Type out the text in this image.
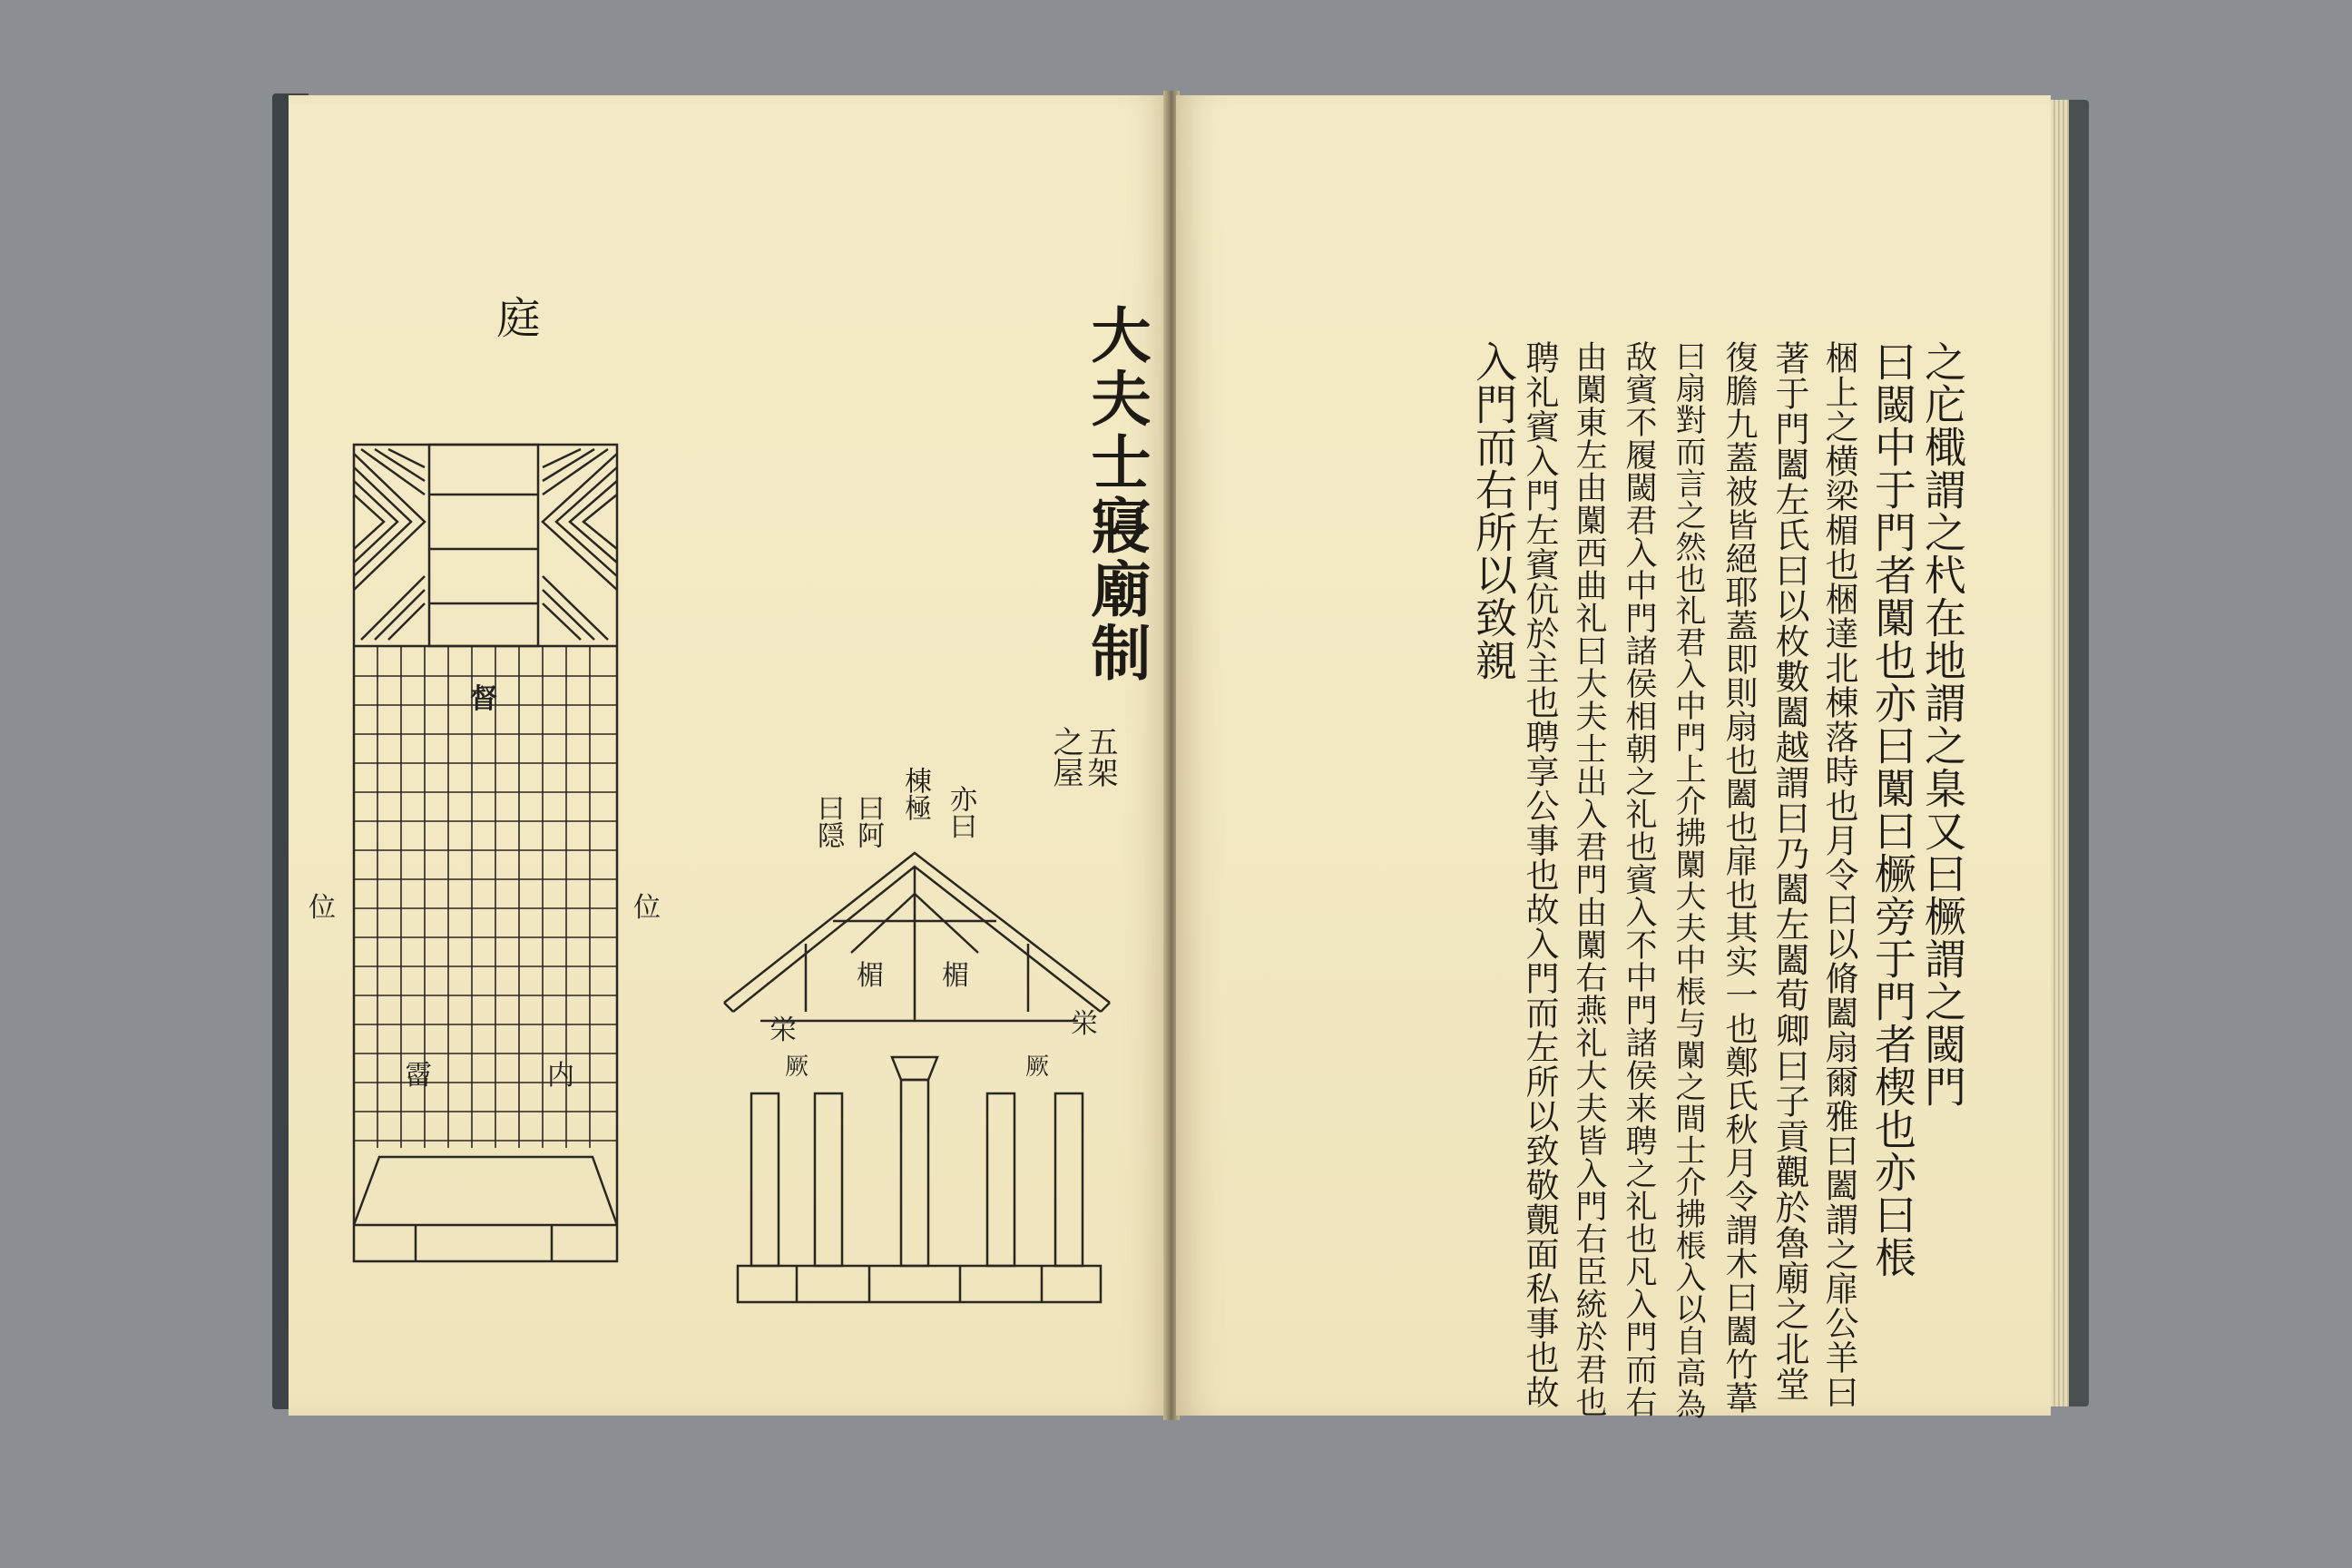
庭	大夫士寢廟制
五架
之屋
督
位	位
霤	内
棟極 亦曰
曰隠 曰阿
楣 楣
栄	栄
厥	厥	之庀檝謂之杙在地謂之臬又曰橛謂之閾門
曰閾中于門者闑也亦曰闑曰橛旁于門者楔也亦曰棖
梱上之横梁楣也梱達北棟落時也月令曰以脩闔扇爾雅曰闔謂之扉公羊曰
著于門闔左氏曰以枚數闔越謂曰乃闔左闔荀卿曰子貢觀於魯廟之北堂
復膽九蓋被皆絕耶蓋即則扇也闔也扉也其实一也鄭氏秋月令謂木曰闔竹葦
曰扇對而言之然也礼君入中門上介拂闑大夫中棖与闑之間士介拂棖入以自高為
敌賓不履閾君入中門諸侯相朝之礼也賓入不中門諸侯来聘之礼也凡入門而右
由闑東左由闑西曲礼曰大夫士出入君門由闑右燕礼大夫皆入門右臣統於君也
聘礼賓入門左賓伉於主也聘享公事也故入門而左所以致敬覿面私事也故
入門而右所以致親
